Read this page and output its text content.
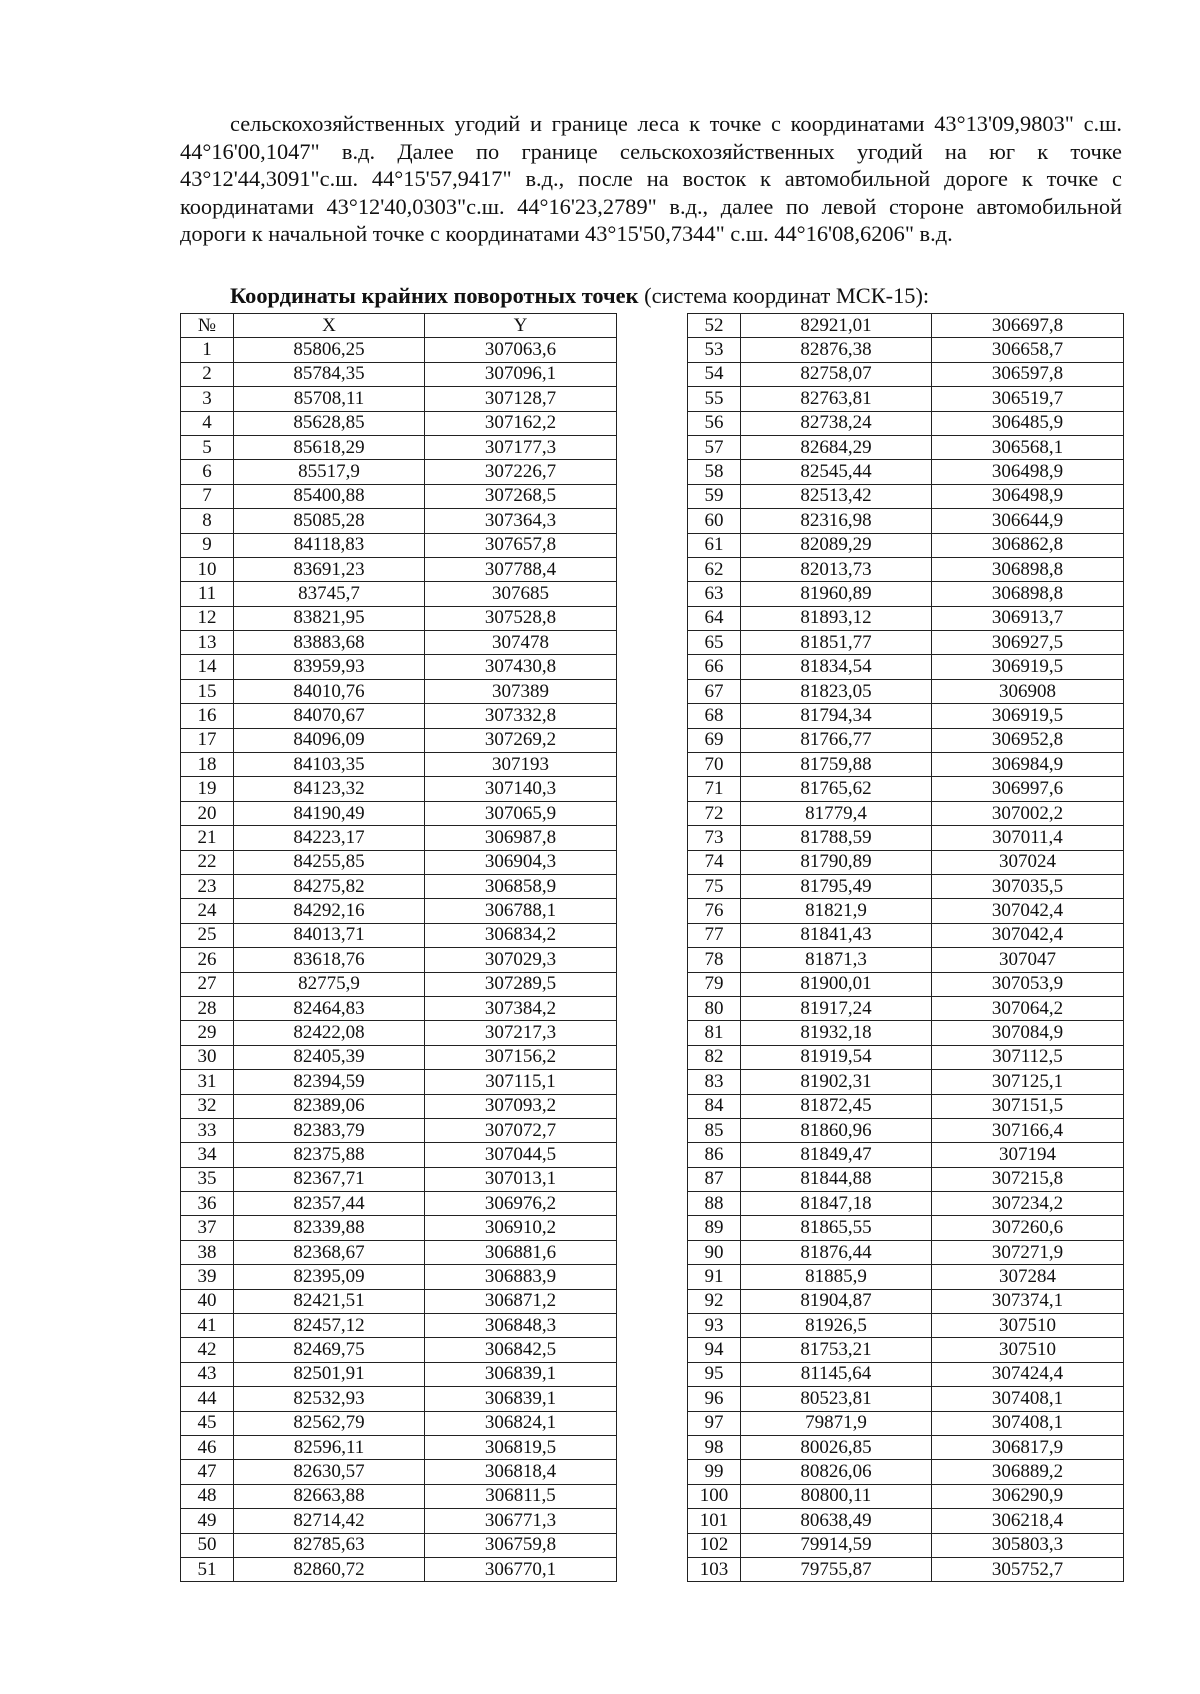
сельскохозяйственных угодий и границе леса к точке с координатами 43°13'09,9803" с.ш. 44°16'00,1047" в.д. Далее по границе сельскохозяйственных угодий на юг к точке 43°12'44,3091"с.ш. 44°15'57,9417" в.д., после на восток к автомобильной дороге к точке с координатами 43°12'40,0303"с.ш. 44°16'23,2789" в.д., далее по левой стороне автомобильной дороги к начальной точке с координатами 43°15'50,7344" с.ш. 44°16'08,6206" в.д.

Координаты крайних поворотных точек (система координат МСК-15):

№	X	Y
1	85806,25	307063,6
2	85784,35	307096,1
3	85708,11	307128,7
4	85628,85	307162,2
5	85618,29	307177,3
6	85517,9	307226,7
7	85400,88	307268,5
8	85085,28	307364,3
9	84118,83	307657,8
10	83691,23	307788,4
11	83745,7	307685
12	83821,95	307528,8
13	83883,68	307478
14	83959,93	307430,8
15	84010,76	307389
16	84070,67	307332,8
17	84096,09	307269,2
18	84103,35	307193
19	84123,32	307140,3
20	84190,49	307065,9
21	84223,17	306987,8
22	84255,85	306904,3
23	84275,82	306858,9
24	84292,16	306788,1
25	84013,71	306834,2
26	83618,76	307029,3
27	82775,9	307289,5
28	82464,83	307384,2
29	82422,08	307217,3
30	82405,39	307156,2
31	82394,59	307115,1
32	82389,06	307093,2
33	82383,79	307072,7
34	82375,88	307044,5
35	82367,71	307013,1
36	82357,44	306976,2
37	82339,88	306910,2
38	82368,67	306881,6
39	82395,09	306883,9
40	82421,51	306871,2
41	82457,12	306848,3
42	82469,75	306842,5
43	82501,91	306839,1
44	82532,93	306839,1
45	82562,79	306824,1
46	82596,11	306819,5
47	82630,57	306818,4
48	82663,88	306811,5
49	82714,42	306771,3
50	82785,63	306759,8
51	82860,72	306770,1
52	82921,01	306697,8
53	82876,38	306658,7
54	82758,07	306597,8
55	82763,81	306519,7
56	82738,24	306485,9
57	82684,29	306568,1
58	82545,44	306498,9
59	82513,42	306498,9
60	82316,98	306644,9
61	82089,29	306862,8
62	82013,73	306898,8
63	81960,89	306898,8
64	81893,12	306913,7
65	81851,77	306927,5
66	81834,54	306919,5
67	81823,05	306908
68	81794,34	306919,5
69	81766,77	306952,8
70	81759,88	306984,9
71	81765,62	306997,6
72	81779,4	307002,2
73	81788,59	307011,4
74	81790,89	307024
75	81795,49	307035,5
76	81821,9	307042,4
77	81841,43	307042,4
78	81871,3	307047
79	81900,01	307053,9
80	81917,24	307064,2
81	81932,18	307084,9
82	81919,54	307112,5
83	81902,31	307125,1
84	81872,45	307151,5
85	81860,96	307166,4
86	81849,47	307194
87	81844,88	307215,8
88	81847,18	307234,2
89	81865,55	307260,6
90	81876,44	307271,9
91	81885,9	307284
92	81904,87	307374,1
93	81926,5	307510
94	81753,21	307510
95	81145,64	307424,4
96	80523,81	307408,1
97	79871,9	307408,1
98	80026,85	306817,9
99	80826,06	306889,2
100	80800,11	306290,9
101	80638,49	306218,4
102	79914,59	305803,3
103	79755,87	305752,7
